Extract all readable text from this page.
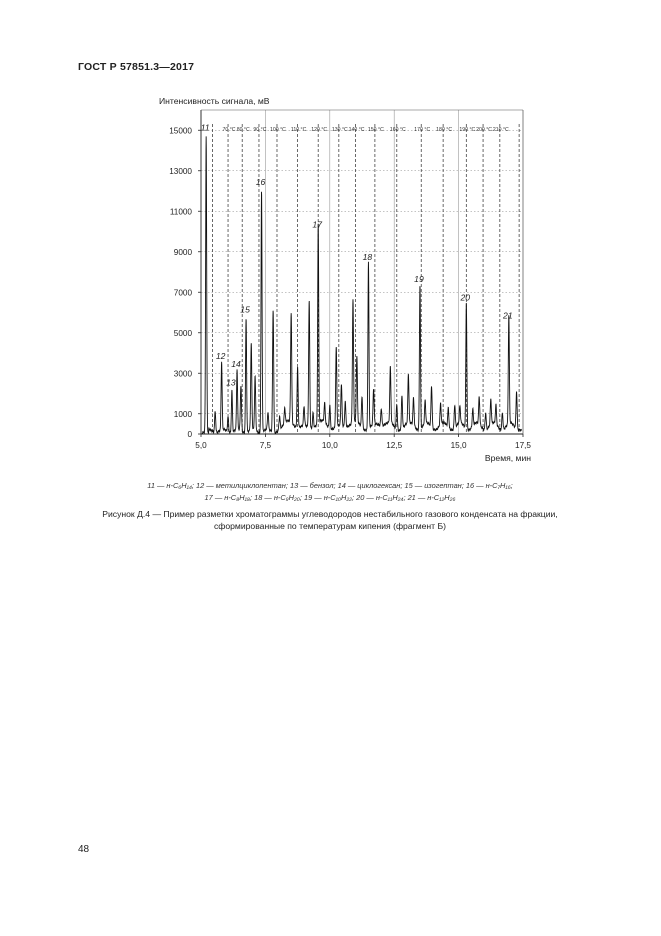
ГОСТ Р 57851.3—2017
70 °C 80 °C 90 °C 100 °C 110 °C 120 °C 130 °C 140 °C 150 °C 160 °C 170 °C 180 °C 190 °C 200 °C 210 °C
0
1000
3000
5000
7000
9000
11000
13000
15000
5,0	7,5	10,0	12,5	15,0	17,5
Интенсивность сигнала, мВ
Время, мин
11
12
13
14
15
16
17
18
19
20
21
11 — н-C₆H₁₄; 12 — метилциклопентан; 13 — бензол; 14 — циклогексан; 15 — изогептан; 16 — н-C₇H₁₆;
17 — н-C₈H₁₈; 18 — н-C₉H₂₀; 19 — н-C₁₀H₂₂; 20 — н-C₁₁H₂₄; 21 — н-C₁₂H₂₆
Рисунок Д.4 — Пример разметки хроматограммы углеводородов нестабильного газового конденсата на фракции,
сформированные по температурам кипения (фрагмент Б)
48
